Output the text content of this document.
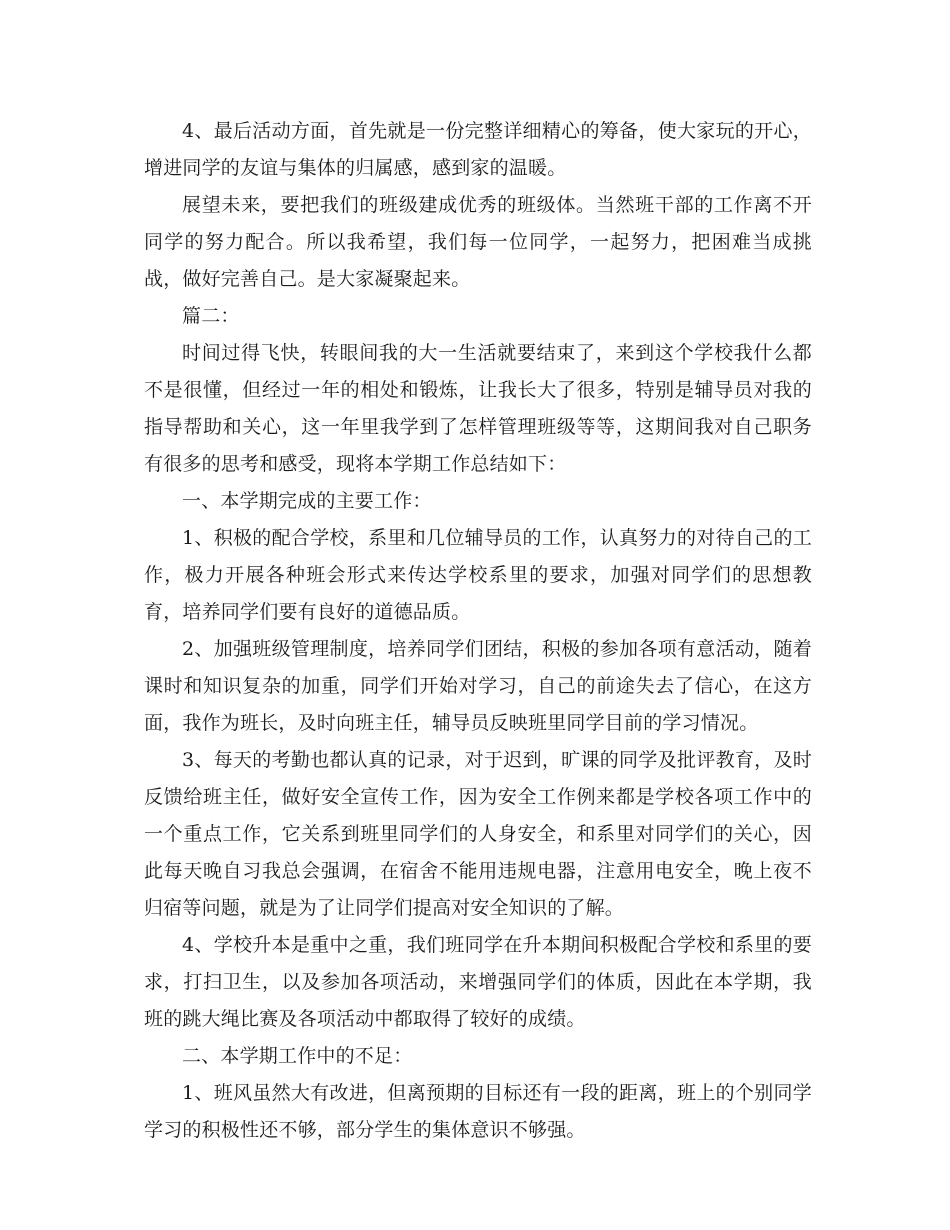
4、最后活动方面，首先就是一份完整详细精心的筹备，使大家玩的开心，增进同学的友谊与集体的归属感，感到家的温暖。

展望未来，要把我们的班级建成优秀的班级体。当然班干部的工作离不开同学的努力配合。所以我希望，我们每一位同学，一起努力，把困难当成挑战，做好完善自己。是大家凝聚起来。

篇二：

时间过得飞快，转眼间我的大一生活就要结束了，来到这个学校我什么都不是很懂，但经过一年的相处和锻炼，让我长大了很多，特别是辅导员对我的指导帮助和关心，这一年里我学到了怎样管理班级等等，这期间我对自己职务有很多的思考和感受，现将本学期工作总结如下：

一、本学期完成的主要工作：

1、积极的配合学校，系里和几位辅导员的工作，认真努力的对待自己的工作，极力开展各种班会形式来传达学校系里的要求，加强对同学们的思想教育，培养同学们要有良好的道德品质。

2、加强班级管理制度，培养同学们团结，积极的参加各项有意活动，随着课时和知识复杂的加重，同学们开始对学习，自己的前途失去了信心，在这方面，我作为班长，及时向班主任，辅导员反映班里同学目前的学习情况。

3、每天的考勤也都认真的记录，对于迟到，旷课的同学及批评教育，及时反馈给班主任，做好安全宣传工作，因为安全工作例来都是学校各项工作中的一个重点工作，它关系到班里同学们的人身安全，和系里对同学们的关心，因此每天晚自习我总会强调，在宿舍不能用违规电器，注意用电安全，晚上夜不归宿等问题，就是为了让同学们提高对安全知识的了解。

4、学校升本是重中之重，我们班同学在升本期间积极配合学校和系里的要求，打扫卫生，以及参加各项活动，来增强同学们的体质，因此在本学期，我班的跳大绳比赛及各项活动中都取得了较好的成绩。

二、本学期工作中的不足：

1、班风虽然大有改进，但离预期的目标还有一段的距离，班上的个别同学学习的积极性还不够，部分学生的集体意识不够强。
